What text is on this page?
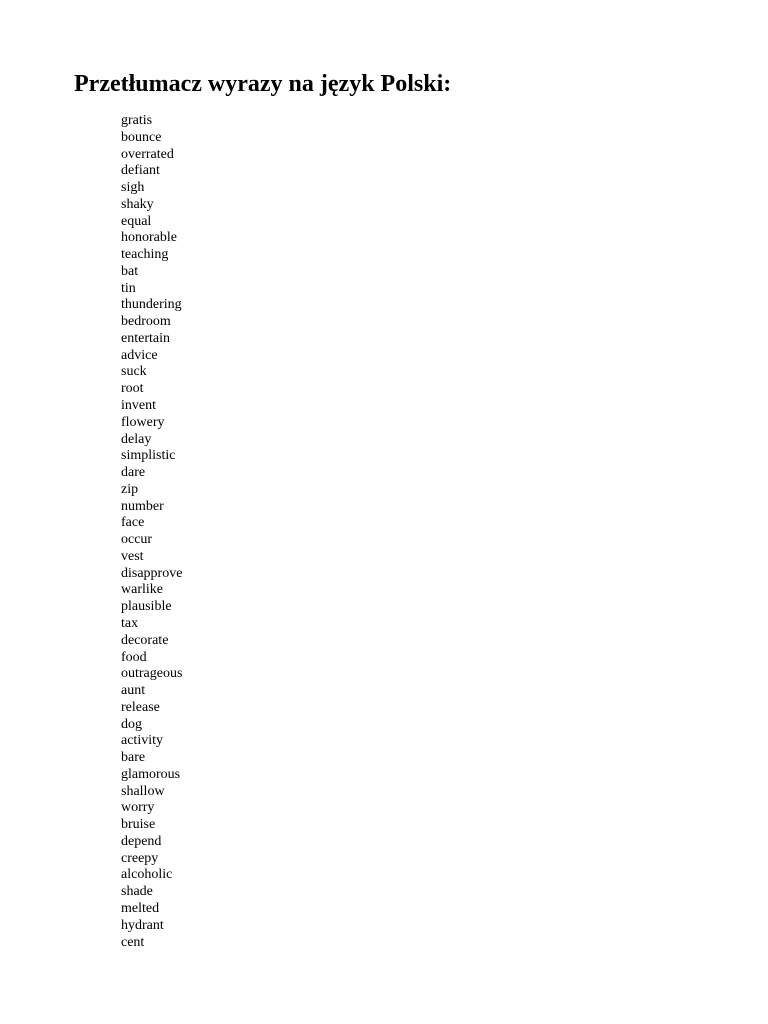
Przetłumacz wyrazy na język Polski:
gratis
bounce
overrated
defiant
sigh
shaky
equal
honorable
teaching
bat
tin
thundering
bedroom
entertain
advice
suck
root
invent
flowery
delay
simplistic
dare
zip
number
face
occur
vest
disapprove
warlike
plausible
tax
decorate
food
outrageous
aunt
release
dog
activity
bare
glamorous
shallow
worry
bruise
depend
creepy
alcoholic
shade
melted
hydrant
cent
